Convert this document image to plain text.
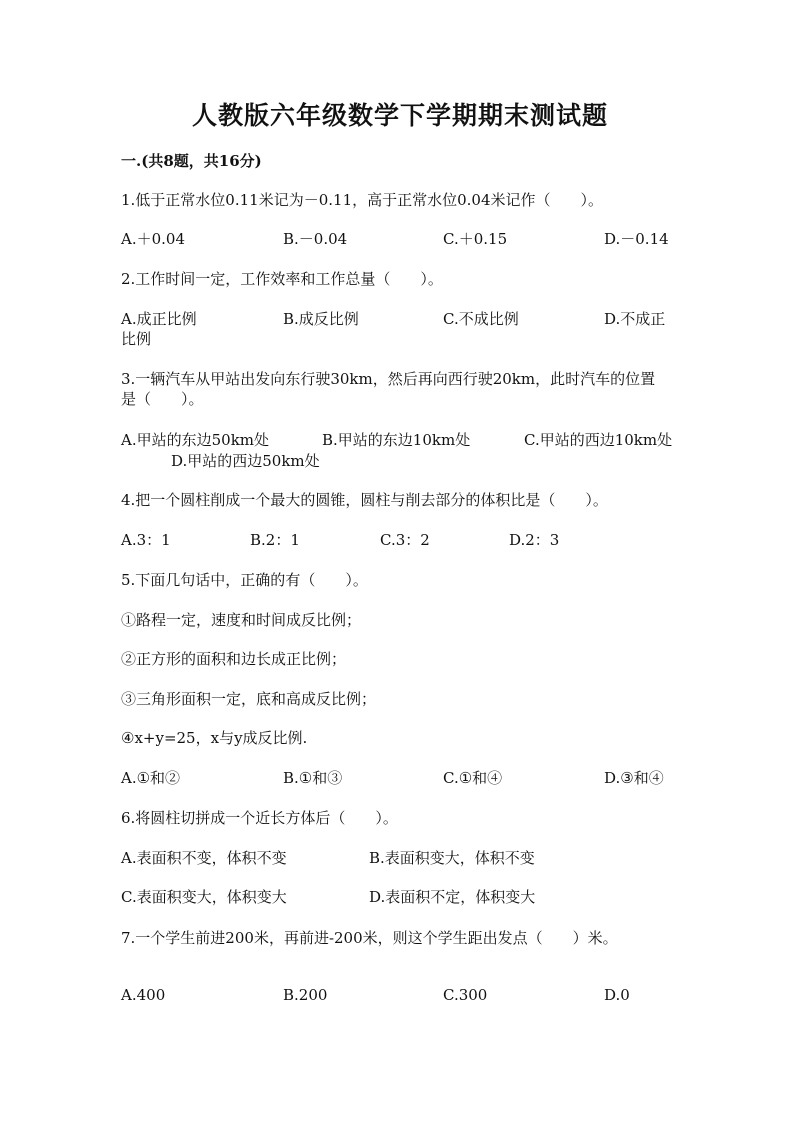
人教版六年级数学下学期期末测试题
一.(共8题，共16分)
1.低于正常水位0.11米记为－0.11，高于正常水位0.04米记作（　　）。
A.＋0.04	B.－0.04	C.＋0.15	D.－0.14
2.工作时间一定，工作效率和工作总量（　　）。
A.成正比例	B.成反比例	C.不成比例	D.不成正
比例
3.一辆汽车从甲站出发向东行驶30km，然后再向西行驶20km，此时汽车的位置
是（　　）。
A.甲站的东边50km处	B.甲站的东边10km处	C.甲站的西边10km处
D.甲站的西边50km处
4.把一个圆柱削成一个最大的圆锥，圆柱与削去部分的体积比是（　　）。
A.3：1	B.2：1	C.3：2	D.2：3
5.下面几句话中，正确的有（　　）。
①路程一定，速度和时间成反比例；
②正方形的面积和边长成正比例；
③三角形面积一定，底和高成反比例；
④x+y=25，x与y成反比例.
A.①和②	B.①和③	C.①和④	D.③和④
6.将圆柱切拼成一个近长方体后（　　）。
A.表面积不变，体积不变	B.表面积变大，体积不变
C.表面积变大，体积变大	D.表面积不定，体积变大
7.一个学生前进200米，再前进-200米，则这个学生距出发点（　　）米。
A.400	B.200	C.300	D.0
